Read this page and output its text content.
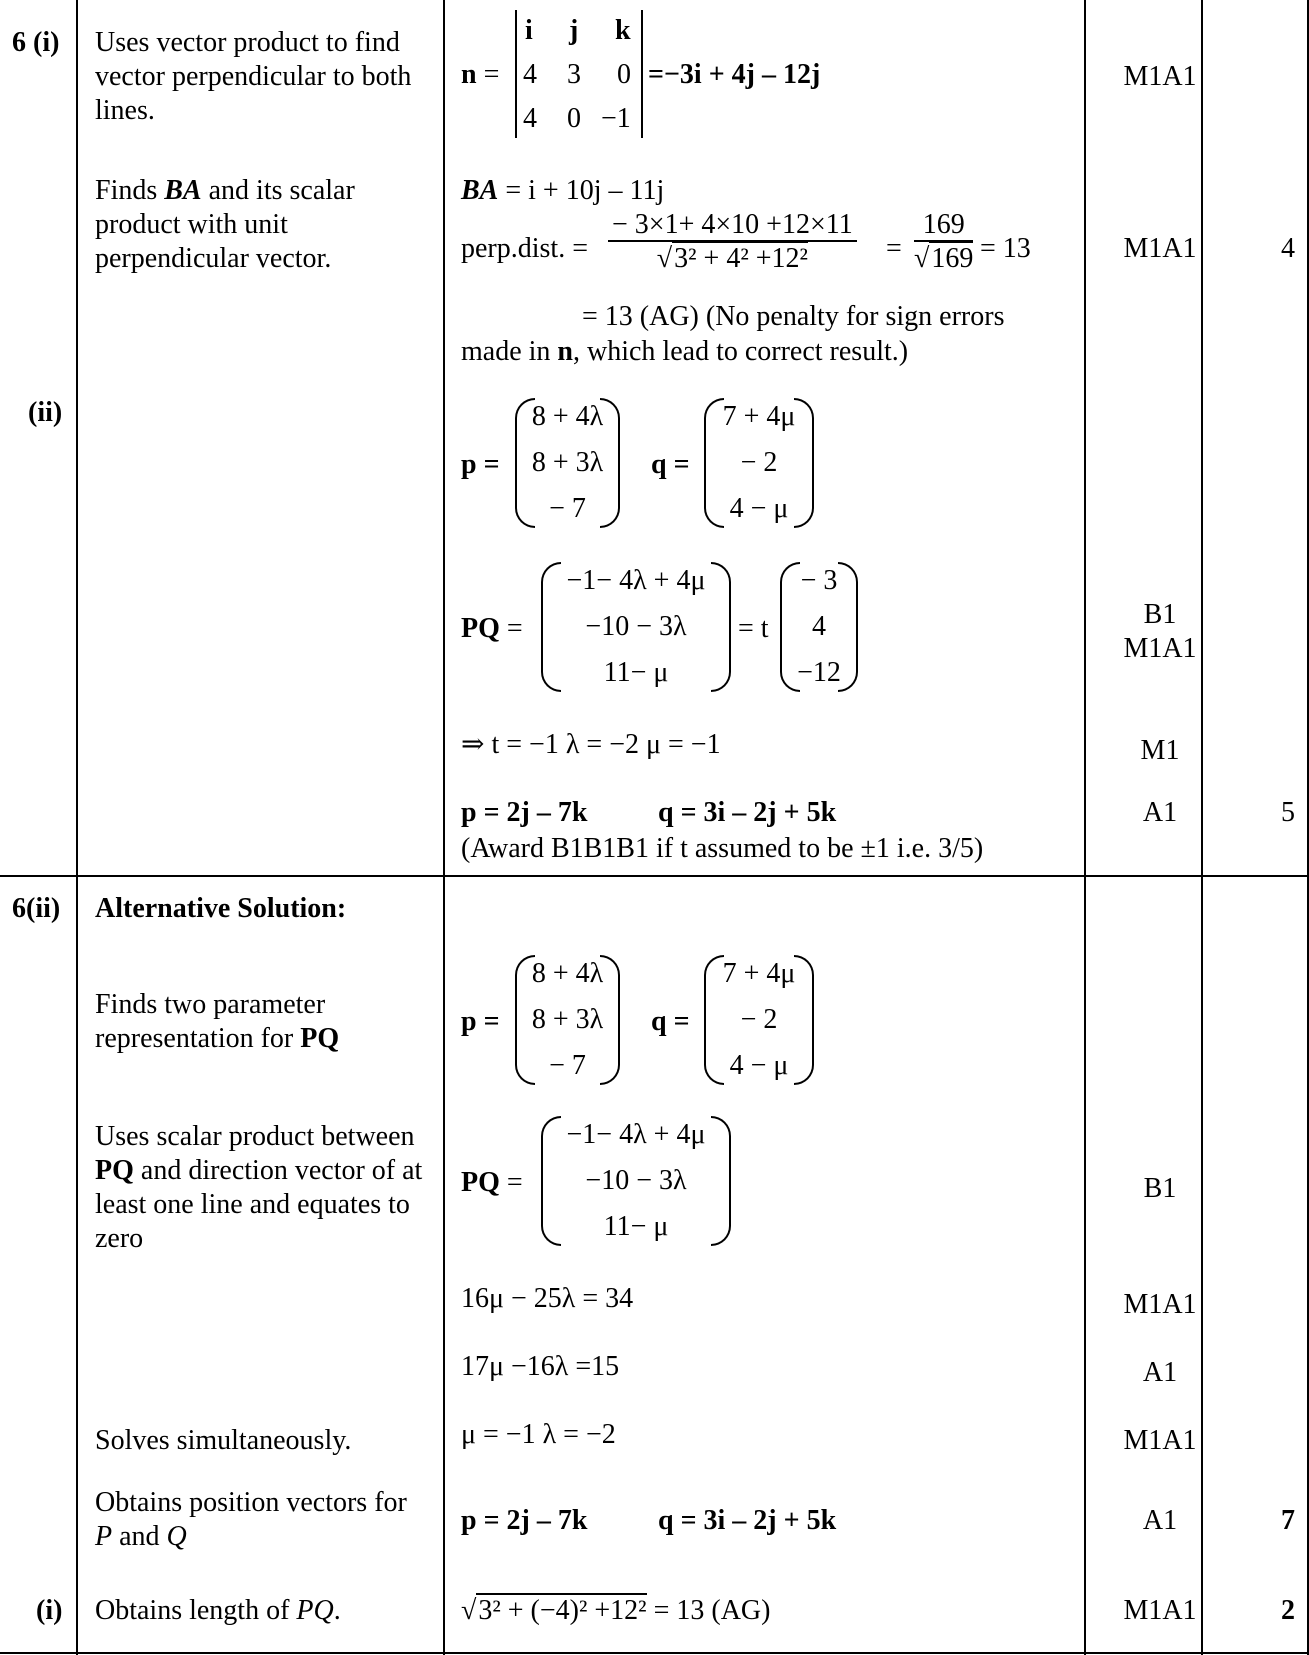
6 (i)
(ii)
Uses vector product to find vector perpendicular to both lines.
Finds BA and its scalar product with unit perpendicular vector.
n =
i j k
4 3 0
4 0 −1
=−3i + 4j – 12j
BA = i + 10j – 11j
perp.dist. = $\frac{- 3\times 1+ 4\times 10 +12\times 11}{\text{√3² + 4² +12²}} = \frac{169}{√169} = 13$
= 13 (AG) (No penalty for sign errors
made in n, which lead to correct result.)
p =
8 + 4λ
8 + 3λ
− 7
q =
7 + 4μ
− 2
4 − μ
PQ =
−1− 4λ + 4μ
−10 − 3λ
11− μ
= t
− 3
4
−12
⇒ t = −1 λ = −2 μ = −1
p = 2j – 7k	q = 3i – 2j + 5k
(Award B1B1B1 if t assumed to be ±1 i.e. 3/5)
M1A1
M1A1
B1
M1A1
M1
A1
4
5
6(ii) Alternative Solution:
Finds two parameter representation for PQ
Uses scalar product between PQ and direction vector of at least one line and equates to zero
Solves simultaneously.
Obtains position vectors for P and Q
(i) Obtains length of PQ.
p =
8 + 4λ
8 + 3λ
− 7
q =
7 + 4μ
− 2
4 − μ
PQ =
−1− 4λ + 4μ
−10 − 3λ
11− μ
16μ − 25λ = 34
17μ −16λ =15
μ = −1 λ = −2
p = 2j – 7k	q = 3i – 2j + 5k
√3² + (−4)² +12² = 13 (AG)
B1
M1A1
A1
M1A1
A1
M1A1
7
2
